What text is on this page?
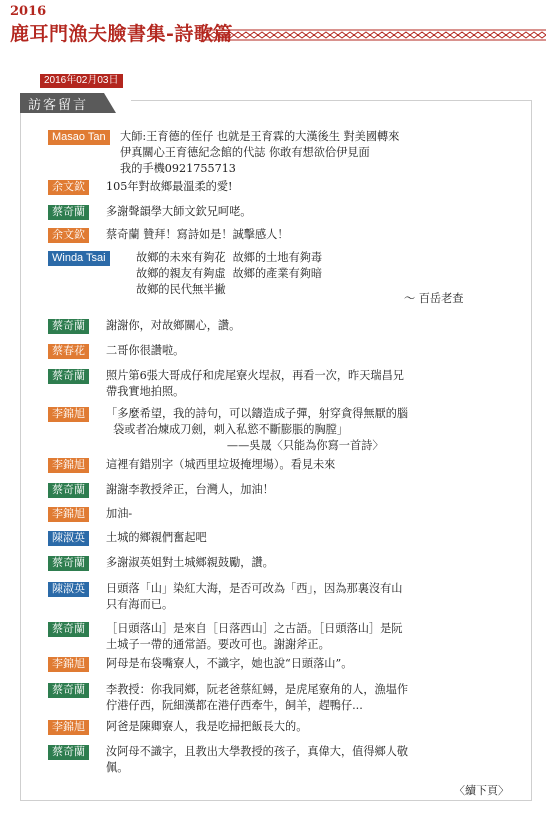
2016
鹿耳門漁夫臉書集-詩歌篇
2016年02月03日
訪客留言
Masao Tan	大師:王育德的侄仔 也就是王育霖的大漢後生 對美國轉來
伊真關心王育德紀念館的代誌 你敢有想欲佮伊見面
我的手機0921755713
余文欽	105年對故鄉最溫柔的愛!
蔡奇蘭	多謝聲韻學大師文欽兄呵咾。
余文欽	蔡奇蘭 贊拜！寫詩如是！誠擊感人！
Winda Tsai	故鄉的未來有夠花  故鄉的土地有夠毒
故鄉的親友有夠虛  故鄉的產業有夠暗
故鄉的民代無半撇
～ 百岳老查
蔡奇蘭	謝謝你，对故鄉關心，讚。
蔡春花	二哥你很讚啦。
蔡奇蘭	照片第6張大哥成仔和虎尾寮火埕叔，再看一次，昨天瑞昌兄
帶我實地拍照。
李錦旭	「多麼希望，我的詩句，可以鑄造成子彈，射穿貪得無厭的腦
袋或者冶煉成刀劍，刺入私慾不斷膨脹的胸膛」
——吳晟〈只能為你寫一首詩〉
李錦旭	這裡有錯別字（城西里垃圾掩埋場）。看見未來
蔡奇蘭	謝謝李教授斧正，台灣人，加油！
李錦旭	加油-
陳淑英	土城的鄉親們奮起吧
蔡奇蘭	多謝淑英姐對土城鄉親鼓勵，讚。
陳淑英	日頭落「山」染紅大海，是否可改為「西」，因為那裏沒有山
只有海而已。
蔡奇蘭	［日頭落山］是來自［日落西山］之古語。［日頭落山］是阮
土城子一帶的通常語。要改可也。謝謝斧正。
李錦旭	阿母是布袋嘴寮人，不識字，她也說“日頭落山”。
蔡奇蘭	李教授：你我同鄉，阮老爸蔡紅蟳，是虎尾寮角的人，漁塭作
佇港仔西，阮細漢都在港仔西牽牛，飼羊，趕鴨仔...
李錦旭	阿爸是陳卿寮人，我是吃掃把飯長大的。
蔡奇蘭	汝阿母不識字，且教出大學教授的孩子，真偉大，值得鄉人敬
佩。
〈續下頁〉
